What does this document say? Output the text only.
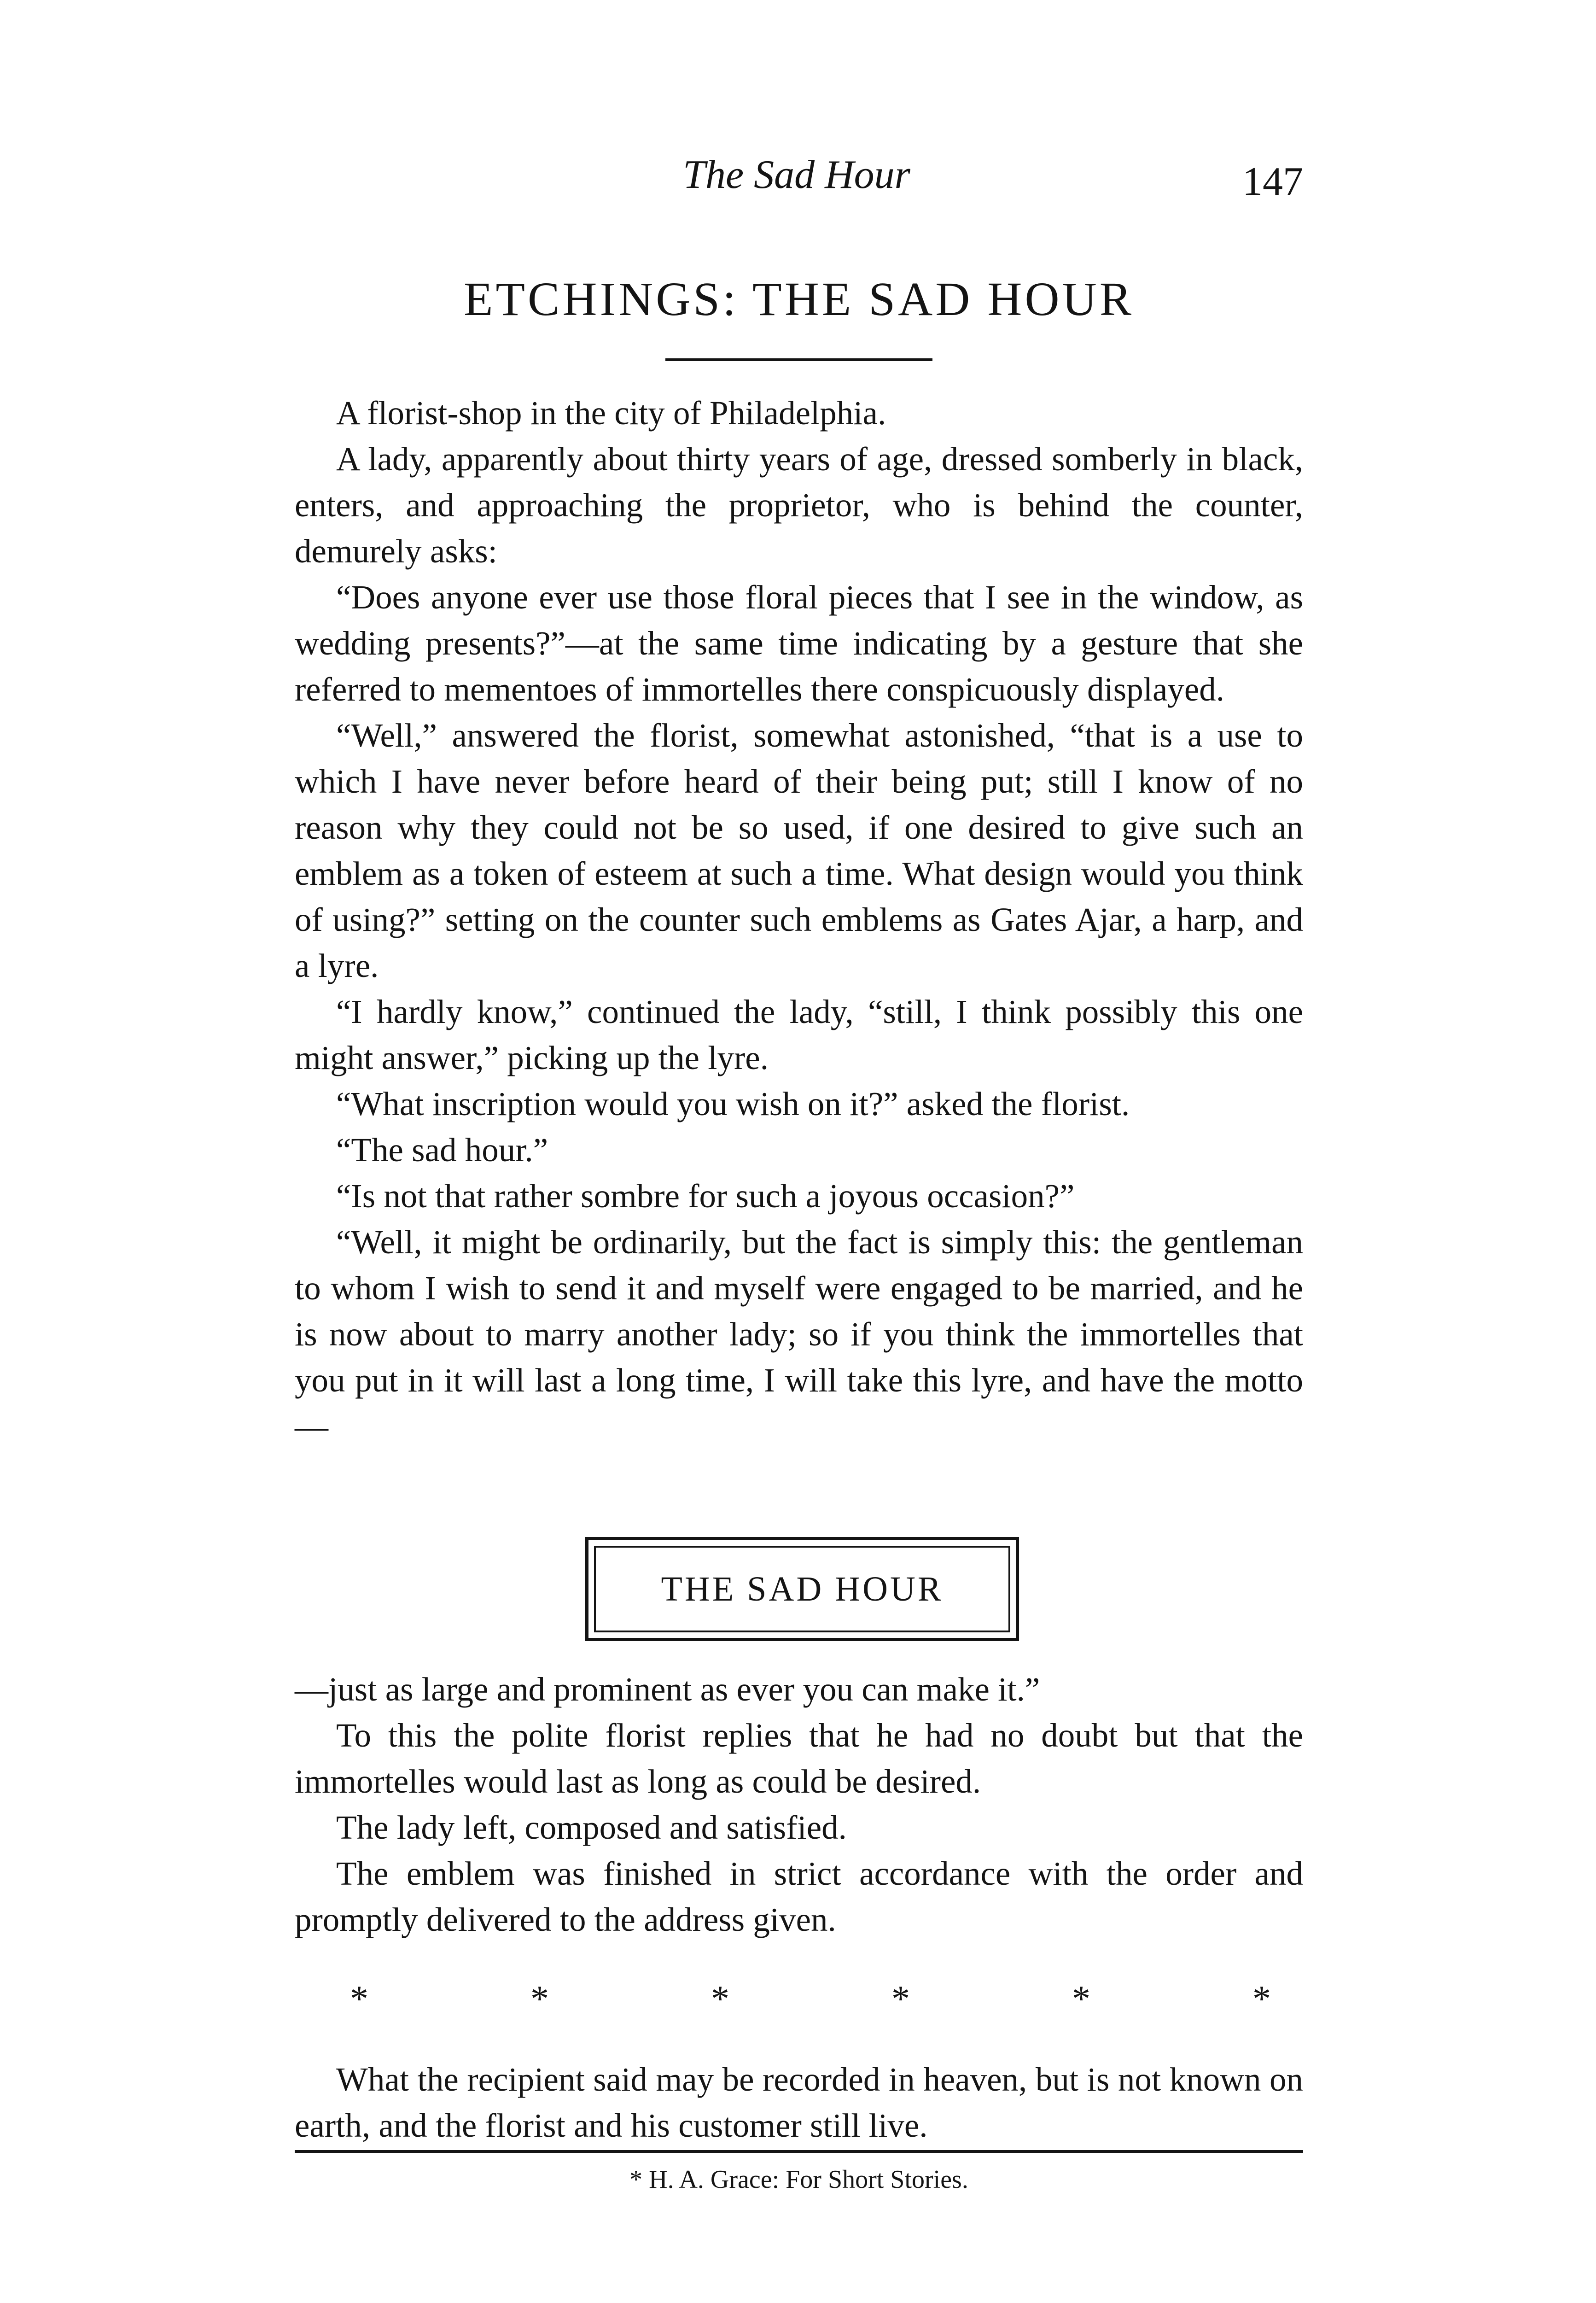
The Sad Hour	147
ETCHINGS: THE SAD HOUR

A florist-shop in the city of Philadelphia.

A lady, apparently about thirty years of age, dressed somberly in black, enters, and approaching the proprietor, who is behind the counter, demurely asks:

“Does anyone ever use those floral pieces that I see in the window, as wedding presents?”—at the same time indicating by a gesture that she referred to mementoes of immortelles there conspicuously displayed.

“Well,” answered the florist, somewhat astonished, “that is a use to which I have never before heard of their being put; still I know of no reason why they could not be so used, if one desired to give such an emblem as a token of esteem at such a time. What design would you think of using?” setting on the counter such emblems as Gates Ajar, a harp, and a lyre.

“I hardly know,” continued the lady, “still, I think possibly this one might answer,” picking up the lyre.

“What inscription would you wish on it?” asked the florist.

“The sad hour.”

“Is not that rather sombre for such a joyous occasion?”

“Well, it might be ordinarily, but the fact is simply this: the gentleman to whom I wish to send it and myself were engaged to be married, and he is now about to marry another lady; so if you think the immortelles that you put in it will last a long time, I will take this lyre, and have the motto—

THE SAD HOUR

—just as large and prominent as ever you can make it.”

To this the polite florist replies that he had no doubt but that the immortelles would last as long as could be desired.

The lady left, composed and satisfied.

The emblem was finished in strict accordance with the order and promptly delivered to the address given.

*	*	*	*	*	*

What the recipient said may be recorded in heaven, but is not known on earth, and the florist and his customer still live.

* H. A. Grace: For Short Stories.
